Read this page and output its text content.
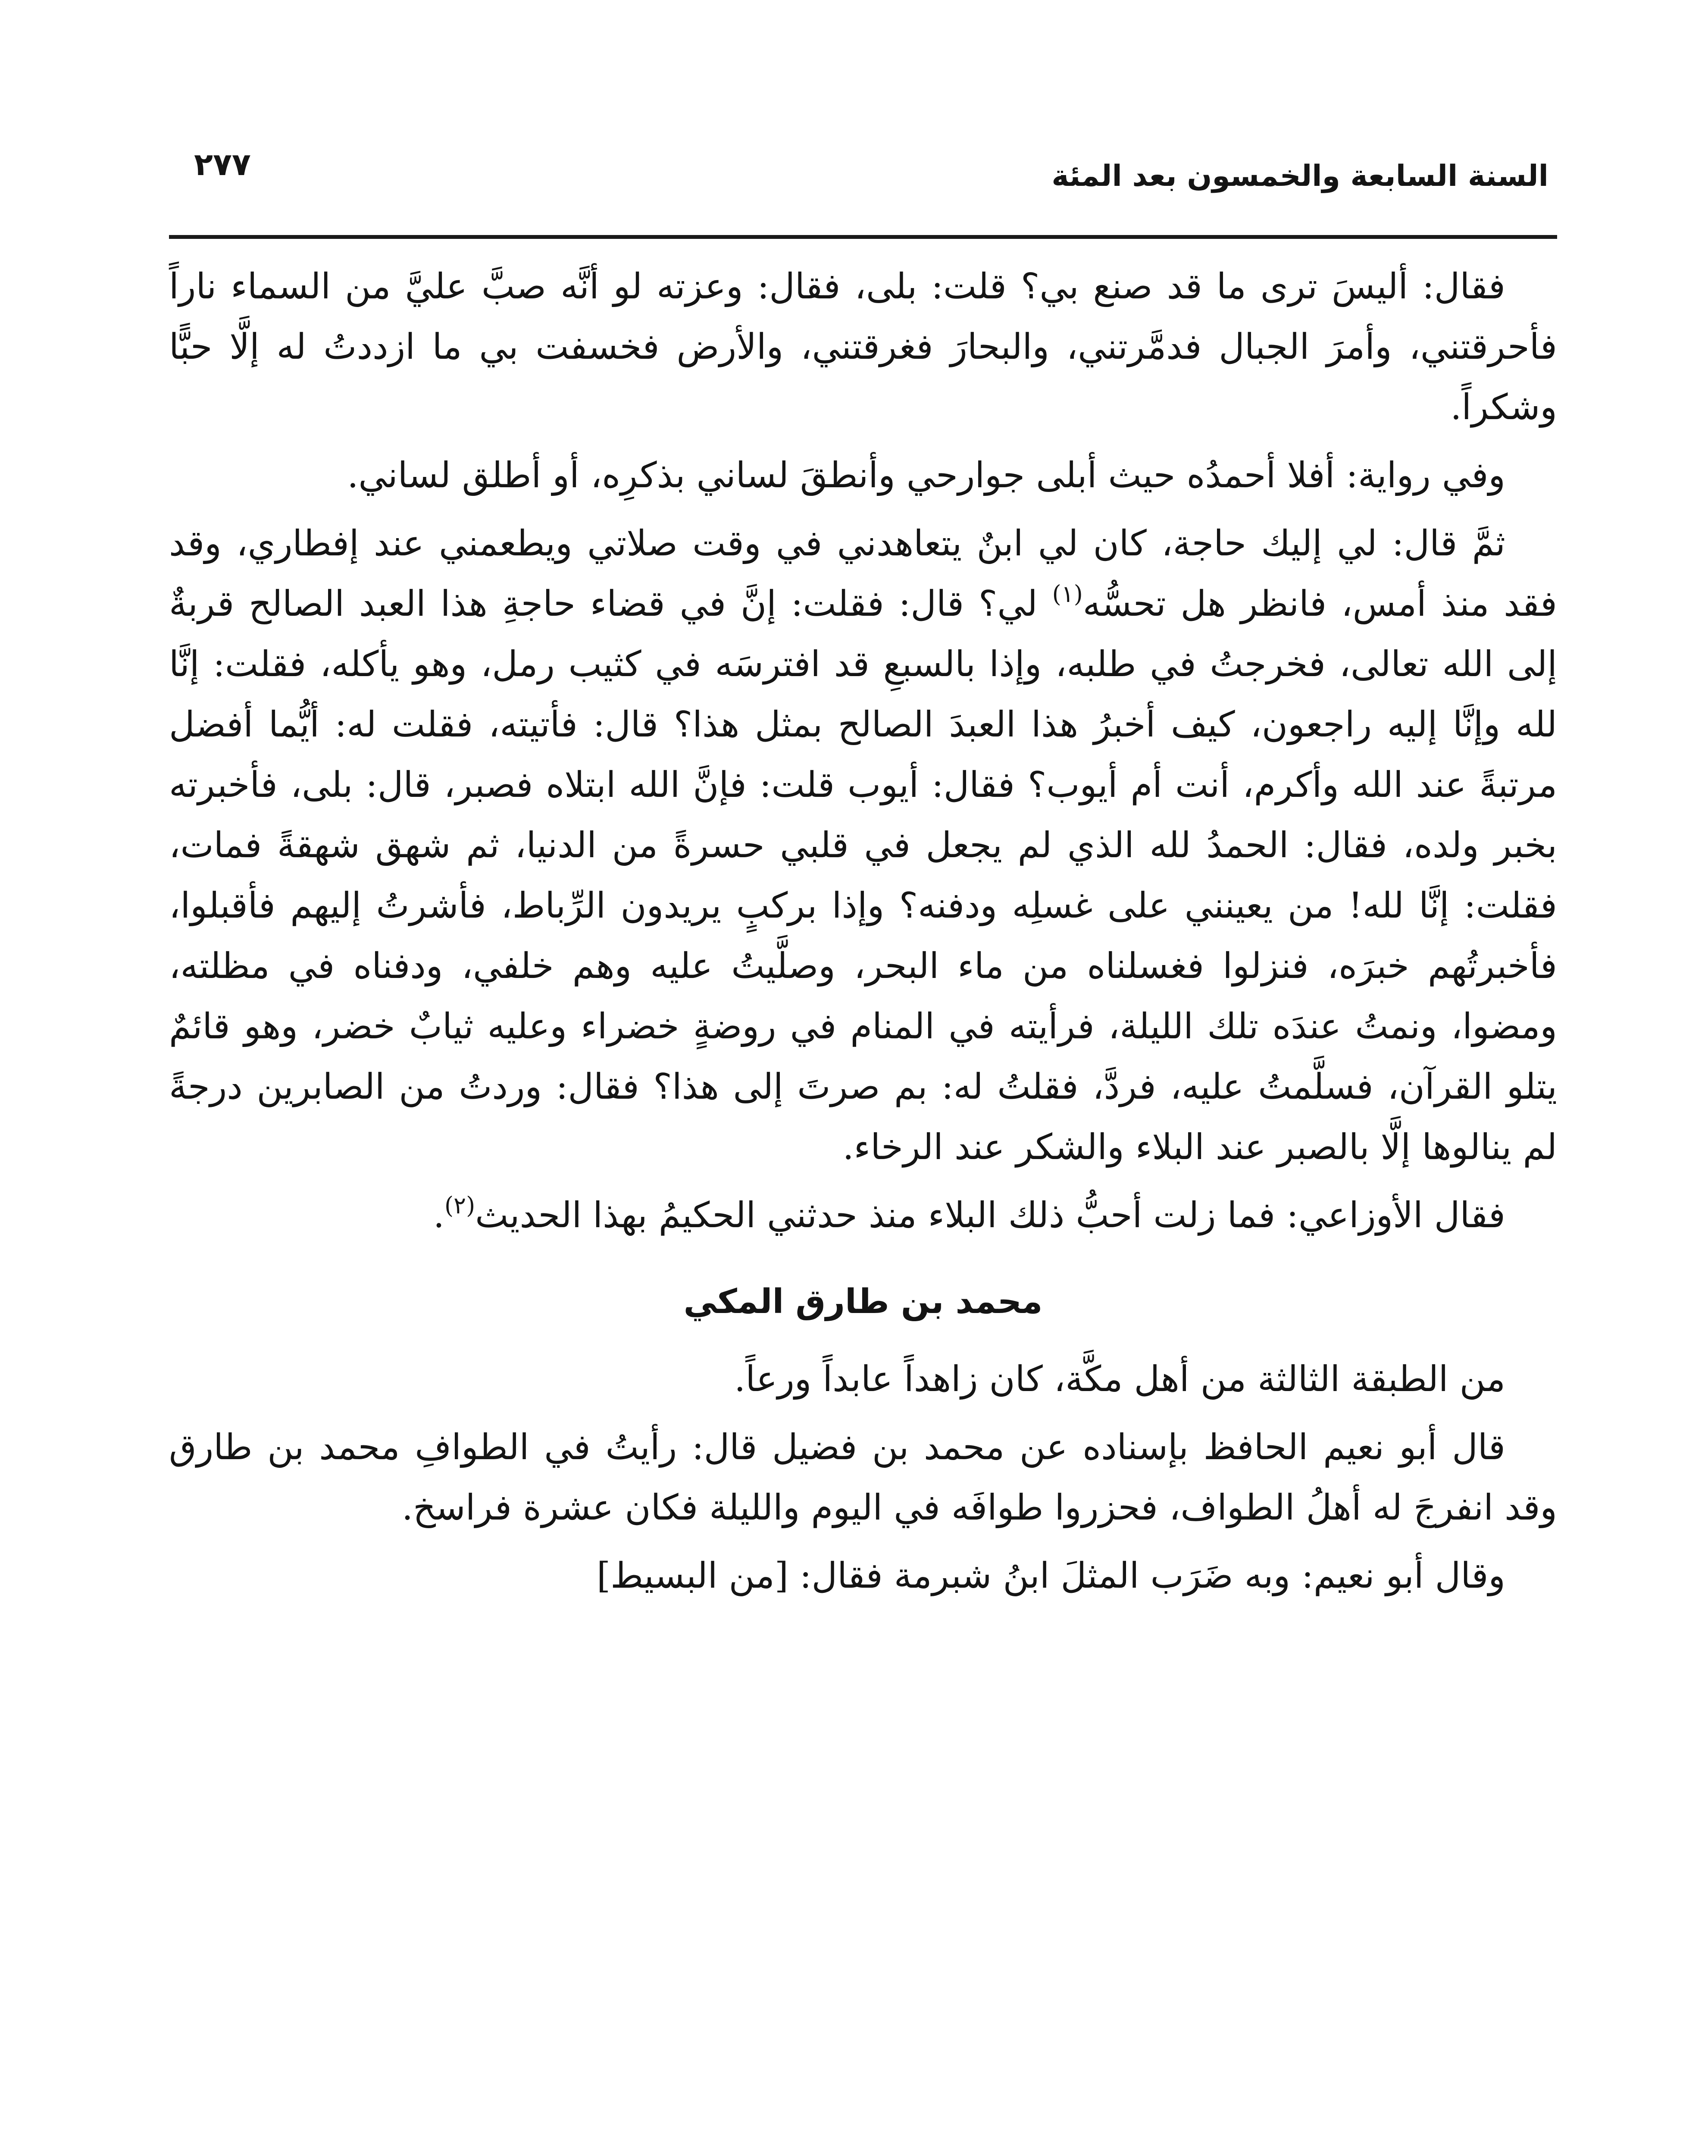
السنة السابعة والخمسون بعد المئة
٢٧٧

فقال: أليسَ ترى ما قد صنع بي؟ قلت: بلى، فقال: وعزته لو أنَّه صبَّ عليَّ من السماء ناراً فأحرقتني، وأمرَ الجبال فدمَّرتني، والبحارَ فغرقتني، والأرض فخسفت بي ما ازددتُ له إلَّا حبًّا وشكراً.

وفي رواية: أفلا أحمدُه حيث أبلى جوارحي وأنطقَ لساني بذكرِه، أو أطلق لساني.

ثمَّ قال: لي إليك حاجة، كان لي ابنٌ يتعاهدني في وقت صلاتي ويطعمني عند إفطاري، وقد فقد منذ أمس، فانظر هل تحسُّه$^{(١)}$ لي؟ قال: فقلت: إنَّ في قضاء حاجةِ هذا العبد الصالح قربةٌ إلى الله تعالى، فخرجتُ في طلبه، وإذا بالسبعِ قد افترسَه في كثيب رمل، وهو يأكله، فقلت: إنَّا لله وإنَّا إليه راجعون، كيف أخبرُ هذا العبدَ الصالح بمثل هذا؟ قال: فأتيته، فقلت له: أيُّما أفضل مرتبةً عند الله وأكرم، أنت أم أيوب؟ فقال: أيوب قلت: فإنَّ الله ابتلاه فصبر، قال: بلى، فأخبرته بخبر ولده، فقال: الحمدُ لله الذي لم يجعل في قلبي حسرةً من الدنيا، ثم شهق شهقةً فمات، فقلت: إنَّا لله! من يعينني على غسلِه ودفنه؟ وإذا بركبٍ يريدون الرِّباط، فأشرتُ إليهم فأقبلوا، فأخبرتُهم خبرَه، فنزلوا فغسلناه من ماء البحر، وصلَّيتُ عليه وهم خلفي، ودفناه في مظلته، ومضوا، ونمتُ عندَه تلك الليلة، فرأيته في المنام في روضةٍ خضراء وعليه ثيابٌ خضر، وهو قائمٌ يتلو القرآن، فسلَّمتُ عليه، فردَّ، فقلتُ له: بم صرتَ إلى هذا؟ فقال: وردتُ من الصابرين درجةً لم ينالوها إلَّا بالصبر عند البلاء والشكر عند الرخاء.

فقال الأوزاعي: فما زلت أحبُّ ذلك البلاء منذ حدثني الحكيمُ بهذا الحديث$^{(٢)}$.

محمد بن طارق المكي

من الطبقة الثالثة من أهل مكَّة، كان زاهداً عابداً ورعاً.

قال أبو نعيم الحافظ بإسناده عن محمد بن فضيل قال: رأيتُ في الطوافِ محمد بن طارق وقد انفرجَ له أهلُ الطواف، فحزروا طوافَه في اليوم والليلة فكان عشرة فراسخ.

وقال أبو نعيم: وبه ضَرَب المثلَ ابنُ شبرمة فقال: [من البسيط]
